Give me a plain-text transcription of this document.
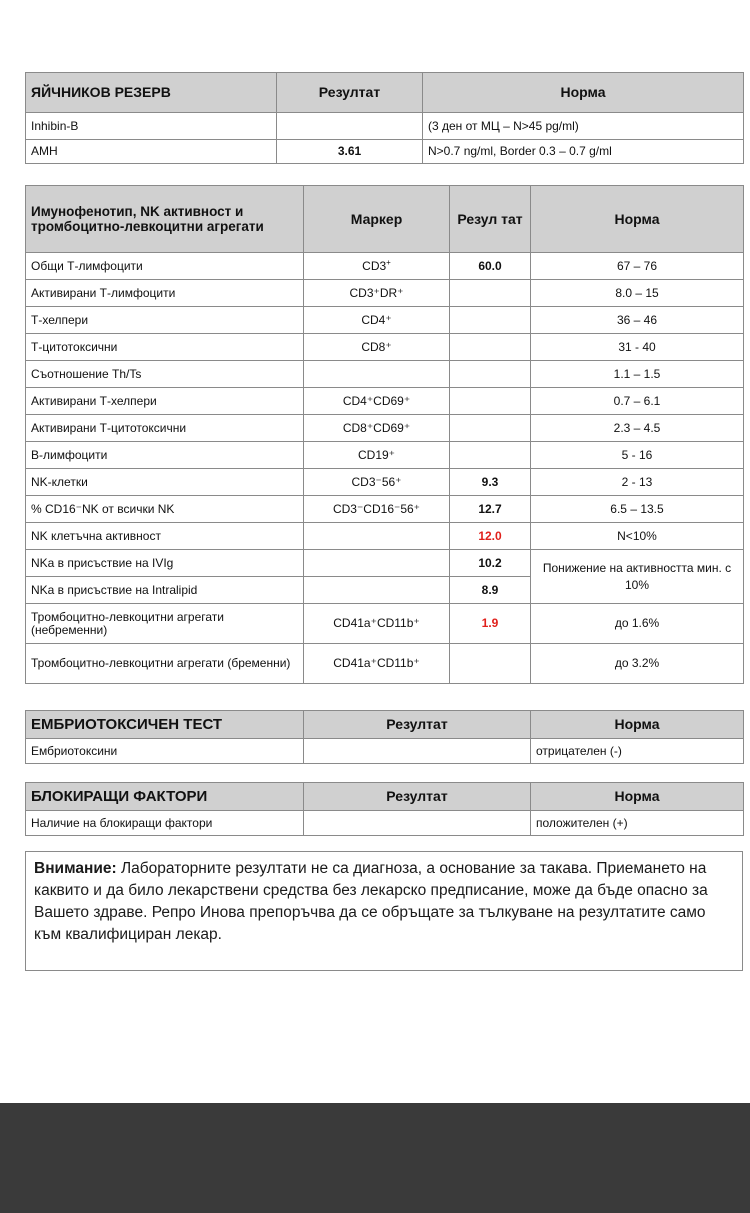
ЯЙЧНИКОВ РЕЗЕРВ	Резултат	Норма
Inhibin-B		(3 ден от МЦ – N>45 pg/ml)
AMH	3.61	N>0.7 ng/ml, Border 0.3 – 0.7 g/ml
Имунофенотип, NK активност и тромбоцитно-левкоцитни агрегати	Маркер	Резул тат	Норма
Общи Т-лимфоцити	CD3+	60.0	67 – 76
Активирани Т-лимфоцити	CD3⁺DR⁺		8.0 – 15
Т-хелпери	CD4⁺		36 – 46
Т-цитотоксични	CD8⁺		31 - 40
Съотношение Th/Ts			1.1 – 1.5
Активирани Т-хелпери	CD4⁺CD69⁺		0.7 – 6.1
Активирани Т-цитотоксични	CD8⁺CD69⁺		2.3 – 4.5
В-лимфоцити	CD19⁺		5 - 16
NK-клетки	CD3⁻56⁺	9.3	2 - 13
% CD16⁻NK от всички NK	CD3⁻CD16⁻56⁺	12.7	6.5 – 13.5
NK клетъчна активност		12.0	N<10%
NKa в присъствие на IVIg		10.2	Понижение на активността мин. с 10%
NKa в присъствие на Intralipid		8.9	
Тромбоцитно-левкоцитни агрегати (небременни)	CD41a⁺CD11b⁺	1.9	до 1.6%
Тромбоцитно-левкоцитни агрегати (бременни)	CD41a⁺CD11b⁺		до 3.2%
ЕМБРИОТОКСИЧЕН ТЕСТ	Резултат	Норма
Ембриотоксини		отрицателен (-)
БЛОКИРАЩИ ФАКТОРИ	Резултат	Норма
Наличие на блокиращи фактори		положителен (+)
Внимание: Лабораторните резултати не са диагноза, а основание за такава. Приемането на каквито и да било лекарствени средства без лекарско предписание, може да бъде опасно за Вашето здраве. Репро Инова препоръчва да се обръщате за тълкуване на резултатите само към квалифициран лекар.
